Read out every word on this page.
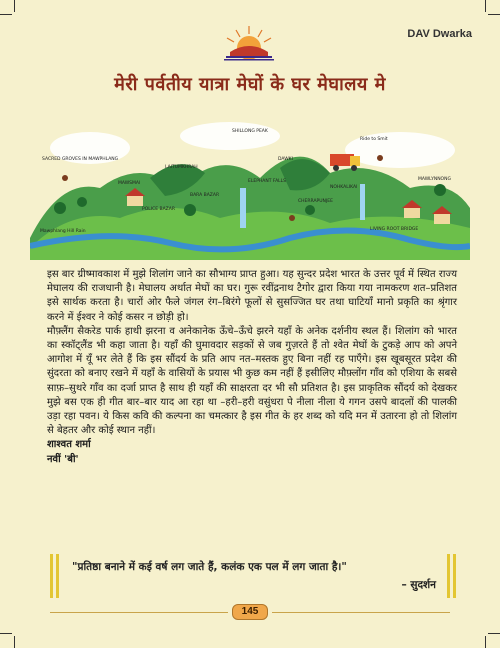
DAV Dwarka
मेरी पर्वतीय यात्रा मेघों के घर मेघालय मे
SACRED GROVES IN MAWPHLANG
SHILLONG PEAK
Ride to Smit
MAWSMAI
Mawphlang Hill Rain
LAITUMKHRAH
BARA BAZAR
POLICE BAZAR
ELEPHANT FALLS
DAWKI
CHERRAPUNJEE
MAWLYNNONG
LIVING ROOT BRIDGE
NOHKALIKAI

इस बार ग्रीष्मावकाश में मुझे शिलांग जाने का सौभाग्य प्राप्त हुआ। यह सुन्दर प्रदेश भारत के उत्तर पूर्व में स्थित राज्य मेघालय की राजधानी है। मेघालय अर्थात मेघों का घर। गुरू रवींद्रनाथ टैगोर द्वारा किया गया नामकरण शत–प्रतिशत इसे सार्थक करता है। चारों ओर फैले जंगल रंग–बिरंगे फूलों से सुसज्जित घर तथा घाटियाँ मानो प्रकृति का श्रृंगार करने में ईश्वर ने कोई कसर न छोड़ी हो।

मौफ़्लैंग सैकरेड पार्क हाथी झरना व अनेकानेक ऊँचे–ऊँचे झरने यहाँ के अनेक दर्शनीय स्थल हैं। शिलांग को भारत का स्कॉट्लैंड भी कहा जाता है। यहाँ की घुमावदार सड़कों से जब गुज़रते हैं तो श्वेत मेघों के टुकड़े आप को अपने आगोश में यूँ भर लेते हैं कि इस सौंदर्य के प्रति आप नत–मस्तक हुए बिना नहीं रह पाएँगे। इस खूबसूरत प्रदेश की सुंदरता को बनाए रखने में यहाँ के वासियों के प्रयास भी कुछ कम नहीं हैं इसीलिए मौफ़्लोंग गाँव को एशिया के सबसे साफ़–सुथरे गाँव का दर्जा प्राप्त है साथ ही यहाँ की साक्षरता दर भी सौ प्रतिशत है। इस प्राकृतिक सौंदर्य को देखकर मुझे बस एक ही गीत बार–बार याद आ रहा था –हरी–हरी वसुंधरा पे नीला नीला ये गगन उसपे बादलों की पालकी उड़ा रहा पवन। ये किस कवि की कल्पना का चमत्कार है इस गीत के हर शब्द को यदि मन में उतारना हो तो शिलांग से बेहतर और कोई स्थान नहीं।

शाश्वत शर्मा

नवीं 'बी'

"प्रतिष्ठा बनाने में कई वर्ष लग जाते हैं, कलंक एक पल में लग जाता है।"
– सुदर्शन
145
